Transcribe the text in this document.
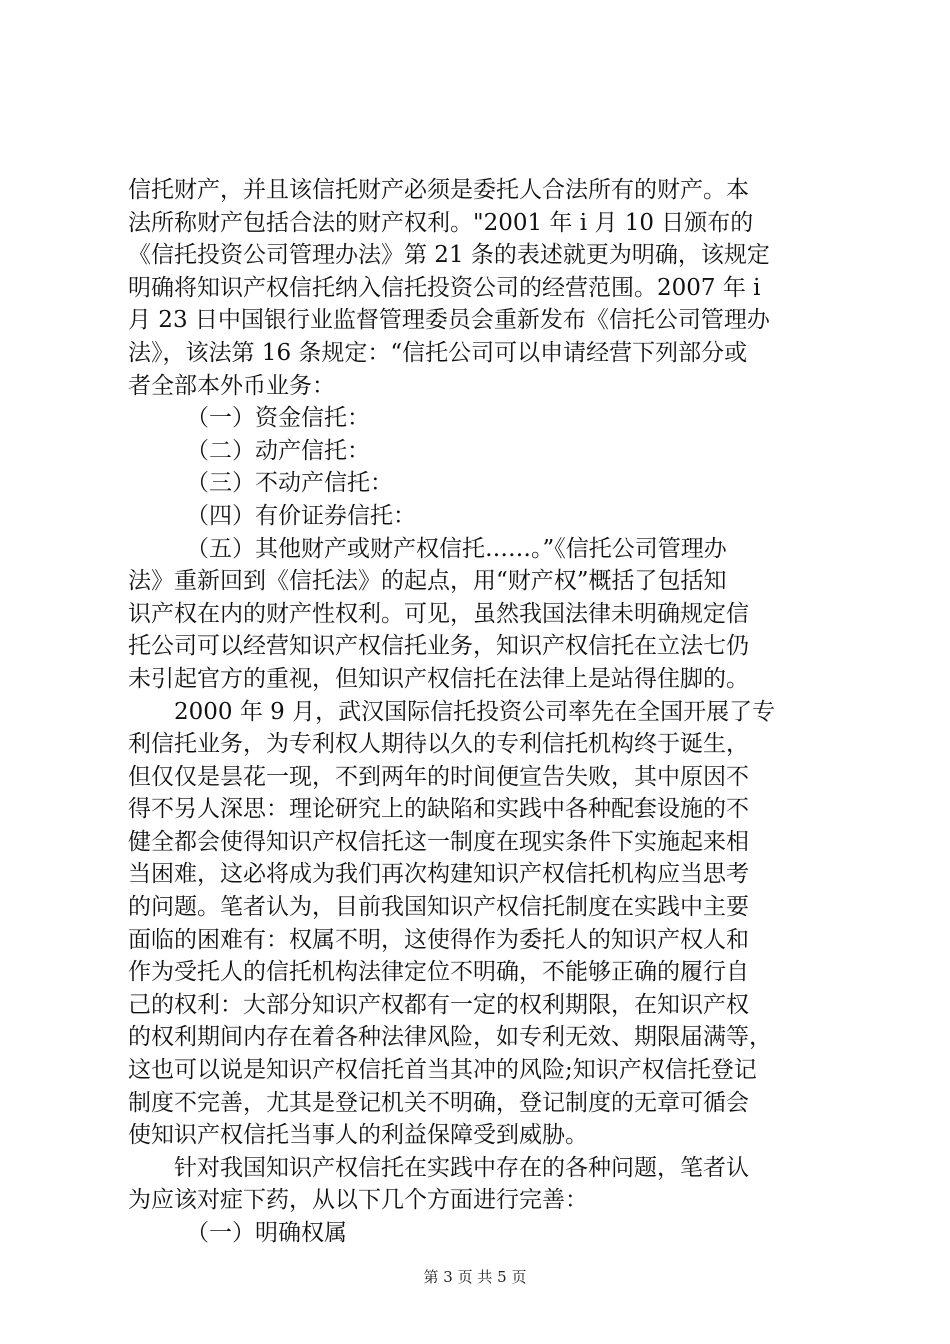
信托财产，并且该信托财产必须是委托人合法所有的财产。本
法所称财产包括合法的财产权利。"2001 年 i 月 10 日颁布的
《信托投资公司管理办法》第 21 条的表述就更为明确，该规定
明确将知识产权信托纳入信托投资公司的经营范围。2007 年 i
月 23 日中国银行业监督管理委员会重新发布《信托公司管理办
法》，该法第 16 条规定：“信托公司可以申请经营下列部分或
者全部本外币业务：
（一）资金信托：
（二）动产信托：
（三）不动产信托：
（四）有价证券信托：
（五）其他财产或财产权信托……。”《信托公司管理办
法》重新回到《信托法》的起点，用“财产权”概括了包括知
识产权在内的财产性权利。可见，虽然我国法律未明确规定信
托公司可以经营知识产权信托业务，知识产权信托在立法七仍
未引起官方的重视，但知识产权信托在法律上是站得住脚的。
2000 年 9 月，武汉国际信托投资公司率先在全国开展了专
利信托业务，为专利权人期待以久的专利信托机构终于诞生，
但仅仅是昙花一现，不到两年的时间便宣告失败，其中原因不
得不另人深思：理论研究上的缺陷和实践中各种配套设施的不
健全都会使得知识产权信托这一制度在现实条件下实施起来相
当困难，这必将成为我们再次构建知识产权信托机构应当思考
的问题。笔者认为，目前我国知识产权信托制度在实践中主要
面临的困难有：权属不明，这使得作为委托人的知识产权人和
作为受托人的信托机构法律定位不明确，不能够正确的履行自
己的权利：大部分知识产权都有一定的权利期限，在知识产权
的权利期间内存在着各种法律风险，如专利无效、期限届满等，
这也可以说是知识产权信托首当其冲的风险;知识产权信托登记
制度不完善，尤其是登记机关不明确，登记制度的无章可循会
使知识产权信托当事人的利益保障受到威胁。
针对我国知识产权信托在实践中存在的各种问题，笔者认
为应该对症下药，从以下几个方面进行完善：
（一）明确权属
第 3 页 共 5 页
